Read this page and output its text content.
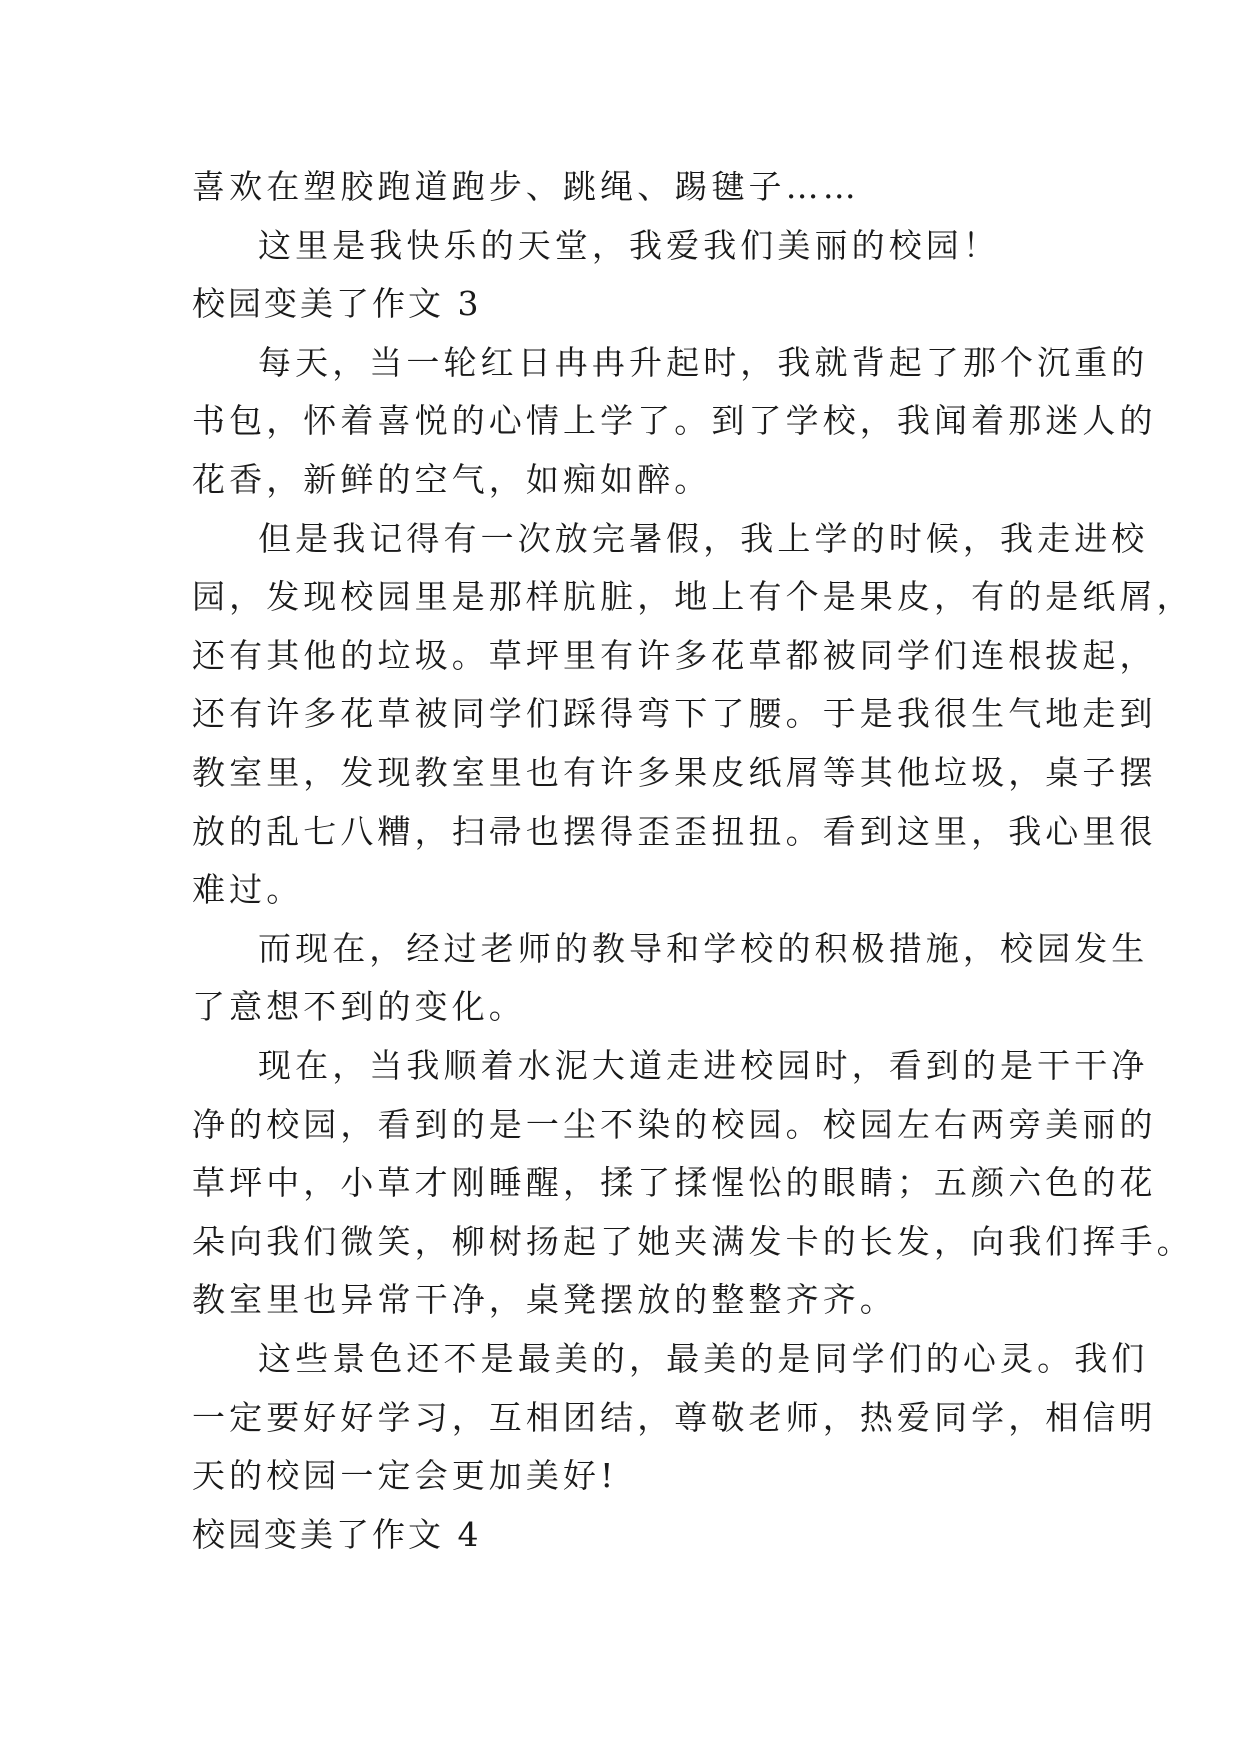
喜欢在塑胶跑道跑步、跳绳、踢毽子……
这里是我快乐的天堂，我爱我们美丽的校园！
校园变美了作文 3
每天，当一轮红日冉冉升起时，我就背起了那个沉重的
书包，怀着喜悦的心情上学了。到了学校，我闻着那迷人的
花香，新鲜的空气，如痴如醉。
但是我记得有一次放完暑假，我上学的时候，我走进校
园，发现校园里是那样肮脏，地上有个是果皮，有的是纸屑，
还有其他的垃圾。草坪里有许多花草都被同学们连根拔起，
还有许多花草被同学们踩得弯下了腰。于是我很生气地走到
教室里，发现教室里也有许多果皮纸屑等其他垃圾，桌子摆
放的乱七八糟，扫帚也摆得歪歪扭扭。看到这里，我心里很
难过。
而现在，经过老师的教导和学校的积极措施，校园发生
了意想不到的变化。
现在，当我顺着水泥大道走进校园时，看到的是干干净
净的校园，看到的是一尘不染的校园。校园左右两旁美丽的
草坪中，小草才刚睡醒，揉了揉惺忪的眼睛；五颜六色的花
朵向我们微笑，柳树扬起了她夹满发卡的长发，向我们挥手。
教室里也异常干净，桌凳摆放的整整齐齐。
这些景色还不是最美的，最美的是同学们的心灵。我们
一定要好好学习，互相团结，尊敬老师，热爱同学，相信明
天的校园一定会更加美好!
校园变美了作文 4
